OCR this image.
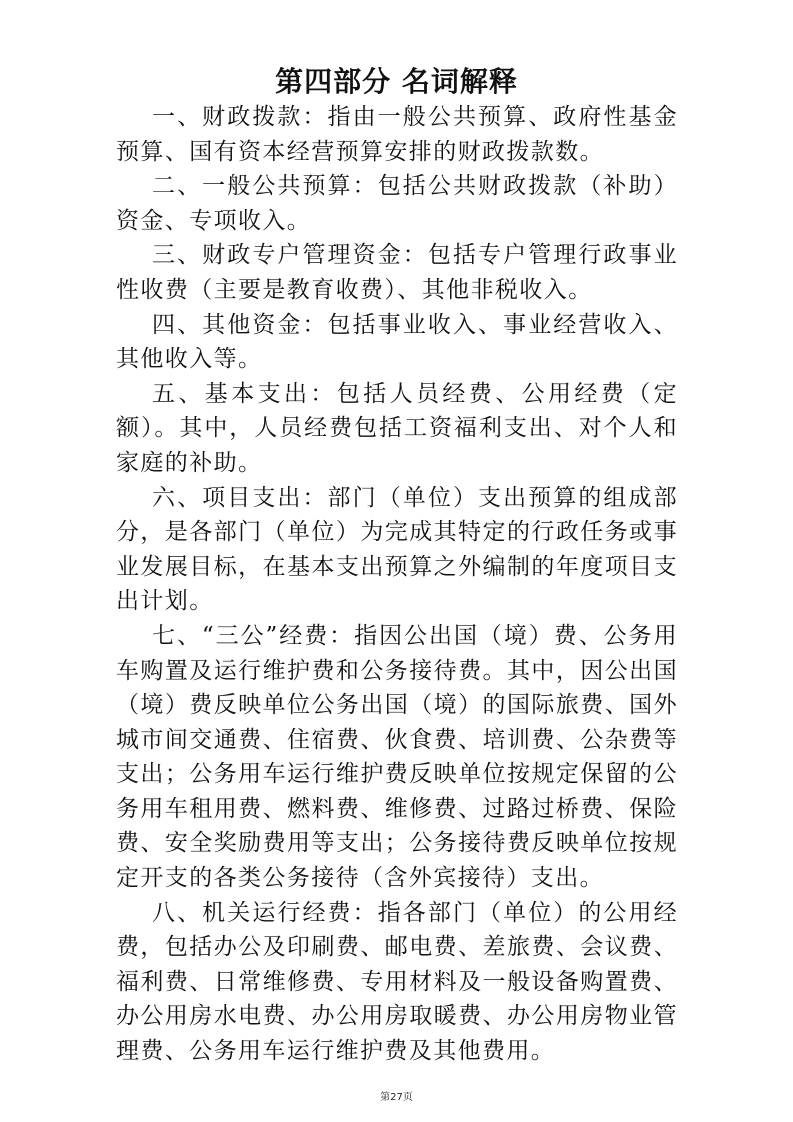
第四部分 名词解释

一、财政拨款：指由一般公共预算、政府性基金预算、国有资本经营预算安排的财政拨款数。

二、一般公共预算：包括公共财政拨款（补助）资金、专项收入。

三、财政专户管理资金：包括专户管理行政事业性收费（主要是教育收费）、其他非税收入。

四、其他资金：包括事业收入、事业经营收入、其他收入等。

五、基本支出：包括人员经费、公用经费（定额）。其中，人员经费包括工资福利支出、对个人和家庭的补助。

六、项目支出：部门（单位）支出预算的组成部分，是各部门（单位）为完成其特定的行政任务或事业发展目标，在基本支出预算之外编制的年度项目支出计划。

七、“三公”经费：指因公出国（境）费、公务用车购置及运行维护费和公务接待费。其中，因公出国（境）费反映单位公务出国（境）的国际旅费、国外城市间交通费、住宿费、伙食费、培训费、公杂费等支出；公务用车运行维护费反映单位按规定保留的公务用车租用费、燃料费、维修费、过路过桥费、保险费、安全奖励费用等支出；公务接待费反映单位按规定开支的各类公务接待（含外宾接待）支出。

八、机关运行经费：指各部门（单位）的公用经费，包括办公及印刷费、邮电费、差旅费、会议费、福利费、日常维修费、专用材料及一般设备购置费、办公用房水电费、办公用房取暖费、办公用房物业管理费、公务用车运行维护费及其他费用。

第27页
